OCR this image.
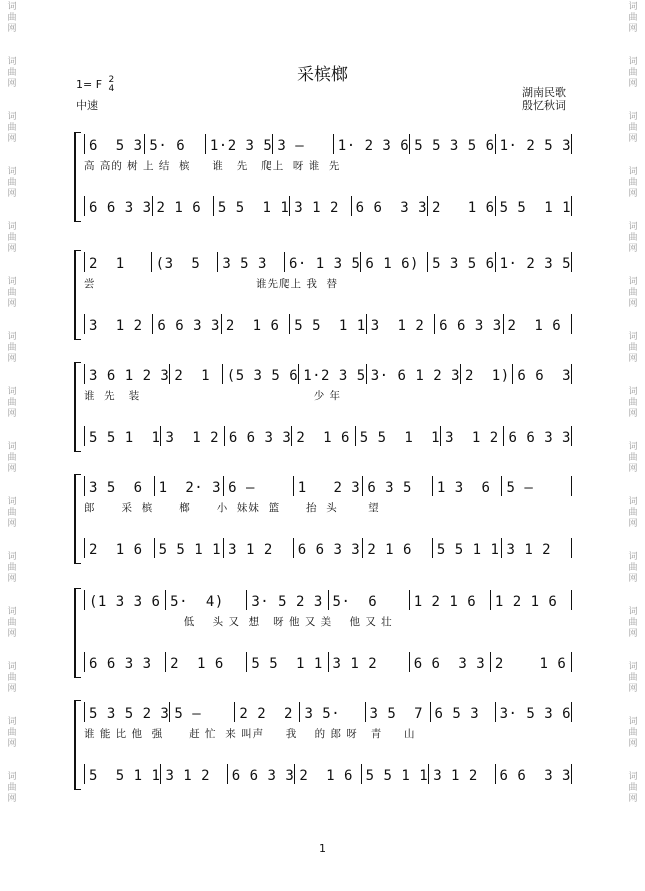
词
曲
网
词
曲
网
词
曲
网
词
曲
网
词
曲
网
词
曲
网
词
曲
网
词
曲
网
词
曲
网
词
曲
网
词
曲
网
词
曲
网
词
曲
网
词
曲
网
词
曲
网
词
曲
网
词
曲
网
词
曲
网
词
曲
网
词
曲
网
词
曲
网
词
曲
网
词
曲
网
词
曲
网
词
曲
网
词
曲
网
词
曲
网
词
曲
网
词
曲
网
词
曲
网
采槟榔
1= F 2
4
中速
湖南民歌
殷忆秋词
6  5 3 5· 6	1·2 3 5 3 —	1· 2 3 6 5 5 3 5 6 1· 2 5 3
高 高的 树 上 结  槟     谁   先   爬上  呀 谁  先
6 6 3 3 2 1 6	5 5  1 1 3 1 2	6 6  3 3 2   1 6 5 5  1 1
2  1	(3  5	3 5 3	6· 1 3 5 6 1 6) 5 3 5 6 1· 2 3 5
尝                                     谁先爬上 我  替
3  1 2	6 6 3 3 2  1 6	5 5  1 1 3  1 2	6 6 3 3 2  1 6
3 6 1 2 3 2  1	(5 3 5 6 1·2 3 5 3· 6 1 2 3 2  1) 6 6  3
谁  先   装                                        少 年
5 5 1  1 3  1 2 6 6 3 3 2  1 6 5 5  1  1 3  1 2 6 6 3 3
3 5  6	1  2· 3 6 —	1   2 3 6 3 5	1 3  6	5 —
郎      采  槟      榔      小  妹妹  篮      抬  头       望
2  1 6	5 5 1 1 3 1 2	6 6 3 3 2 1 6	5 5 1 1 3 1 2
(1 3 3 6 5·  4)	3· 5 2 3 5·  6	1 2 1 6	1 2 1 6
低    头 又  想   呀 他 又 美    他 又 壮
6 6 3 3	2  1 6	5 5  1 1 3 1 2	6 6  3 3 2    1 6
5 3 5 2 3 5 —	2 2  2 3 5·	3 5  7 6 5 3	3· 5 3 6
谁 能 比 他  强      赶 忙  来 叫声     我    的 郎 呀   青     山
5  5 1 1 3 1 2	6 6 3 3 2  1 6 5 5 1 1 3 1 2	6 6  3 3
1
